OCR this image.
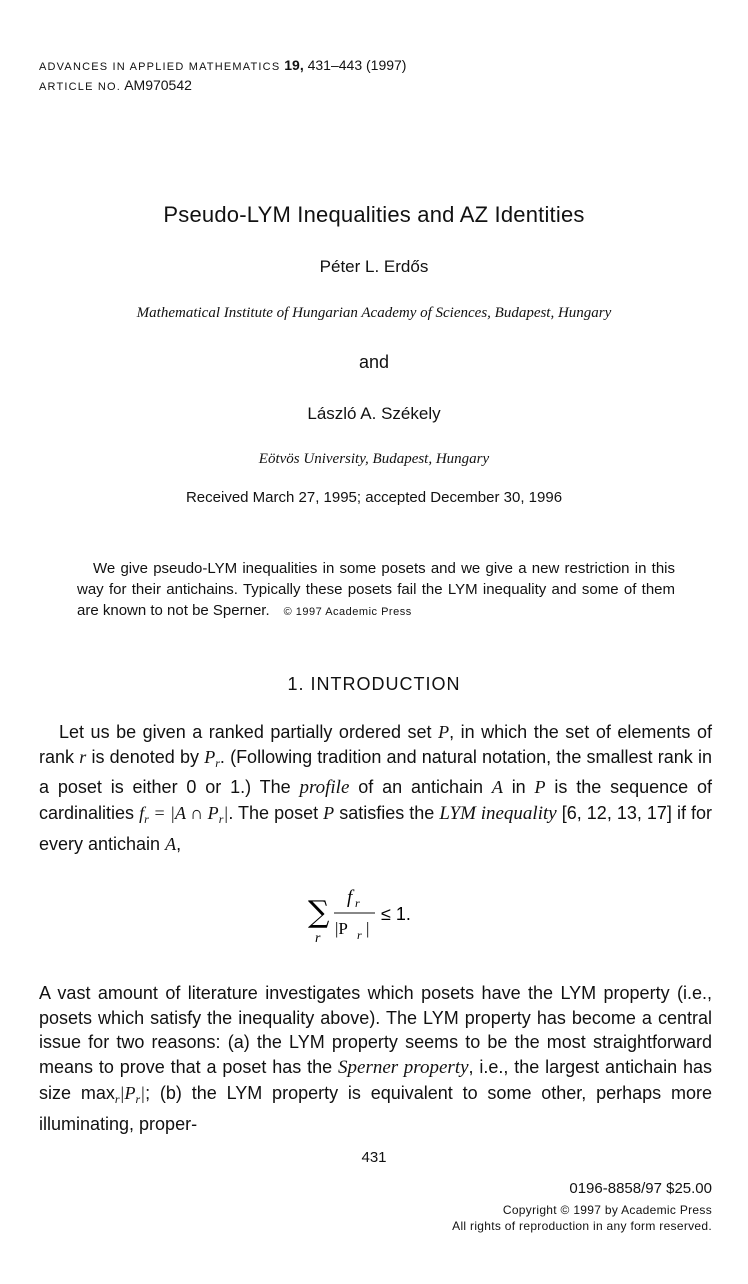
ADVANCES IN APPLIED MATHEMATICS 19, 431–443 (1997)
ARTICLE NO. AM970542
Pseudo-LYM Inequalities and AZ Identities
Péter L. Erdős
Mathematical Institute of Hungarian Academy of Sciences, Budapest, Hungary
and
László A. Székely
Eötvös University, Budapest, Hungary
Received March 27, 1995; accepted December 30, 1996
We give pseudo-LYM inequalities in some posets and we give a new restriction in this way for their antichains. Typically these posets fail the LYM inequality and some of them are known to not be Sperner. © 1997 Academic Press
1. INTRODUCTION
Let us be given a ranked partially ordered set P, in which the set of elements of rank r is denoted by $P_r$. (Following tradition and natural notation, the smallest rank in a poset is either 0 or 1.) The profile of an antichain A in P is the sequence of cardinalities $f_r = |A$ ∩ $P_r|$. The poset P satisfies the LYM inequality [6, 12, 13, 17] if for every antichain A,
∑
r
f r
|P r |
≤ 1.
A vast amount of literature investigates which posets have the LYM property (i.e., posets which satisfy the inequality above). The LYM property has become a central issue for two reasons: (a) the LYM property seems to be the most straightforward means to prove that a poset has the Sperner property, i.e., the largest antichain has size $\max_r|P_r|$; (b) the LYM property is equivalent to some other, perhaps more illuminating, proper-
431
0196-8858/97 $25.00
Copyright © 1997 by Academic Press
All rights of reproduction in any form reserved.
